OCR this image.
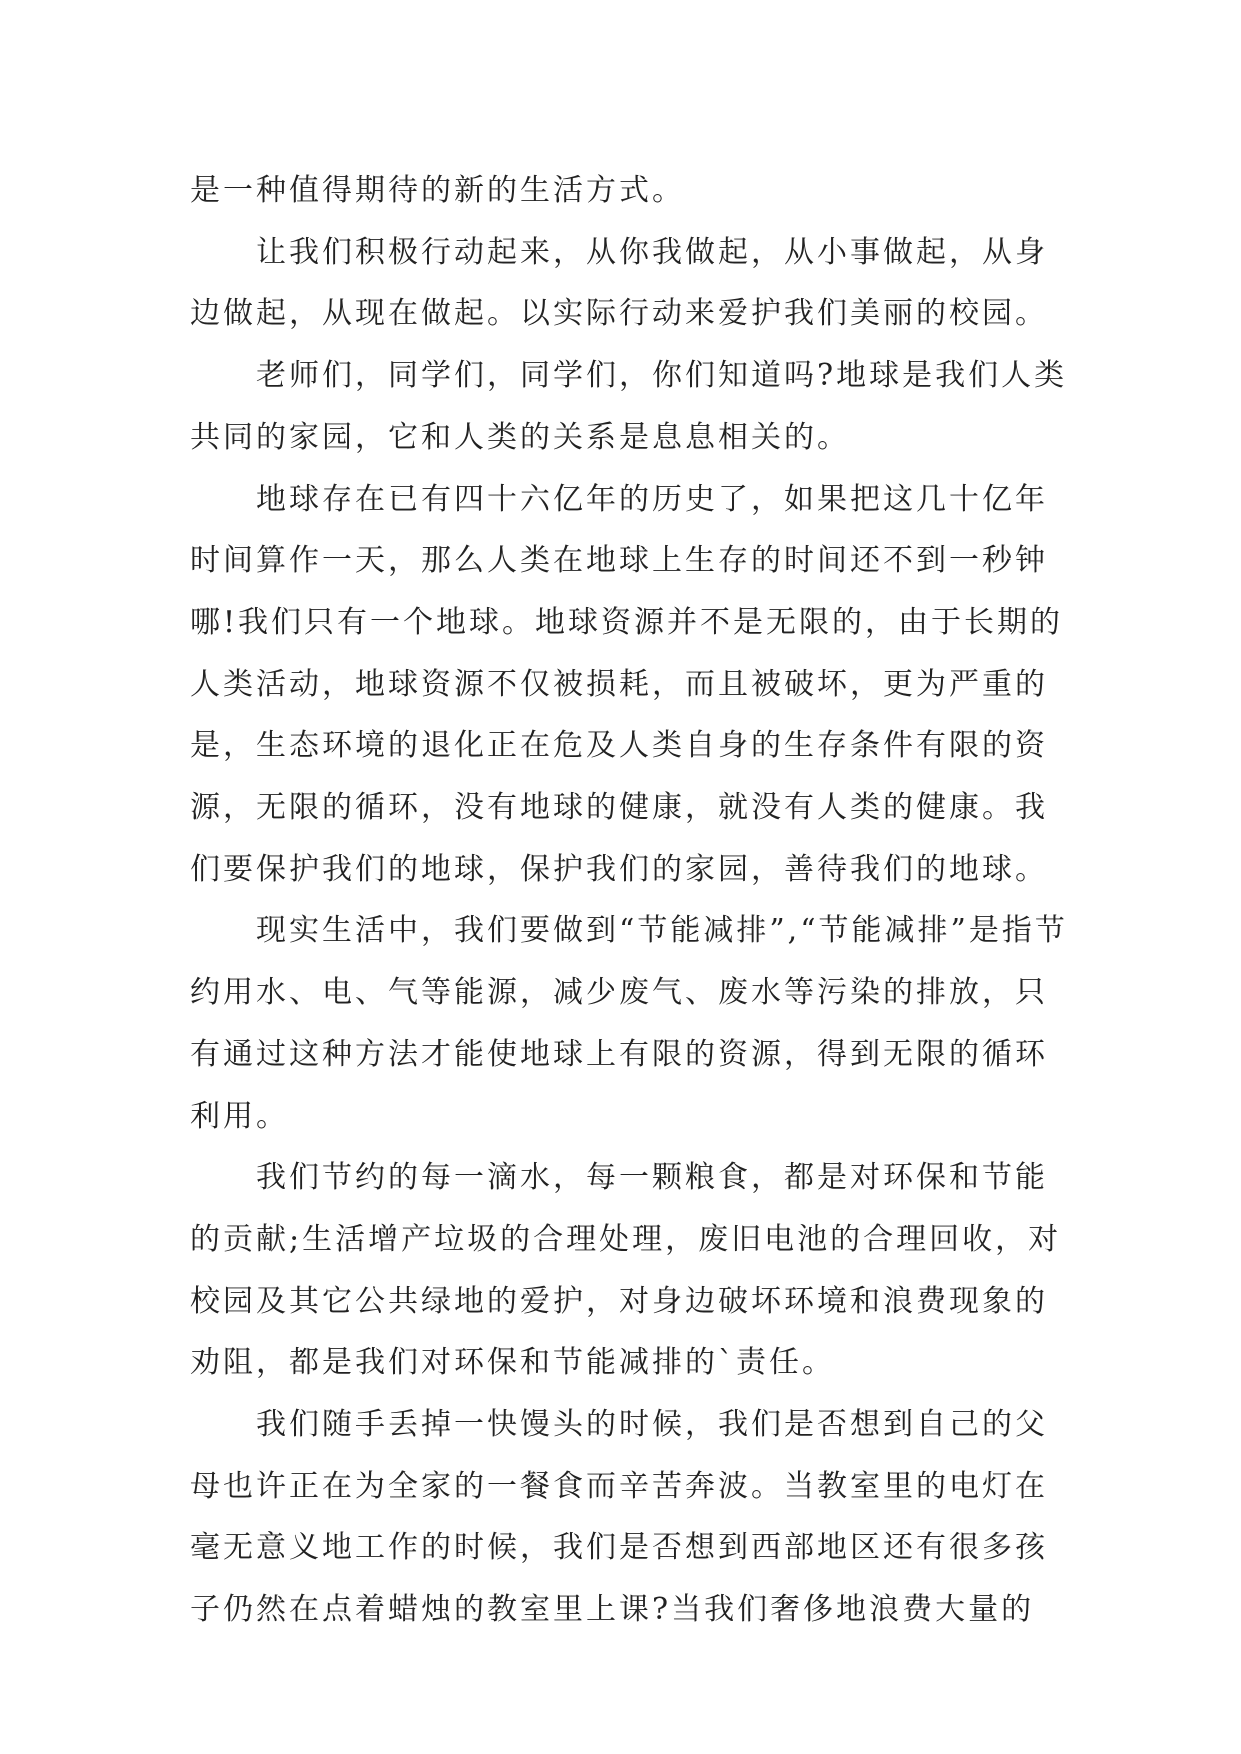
是一种值得期待的新的生活方式。

让我们积极行动起来，从你我做起，从小事做起，从身边做起，从现在做起。以实际行动来爱护我们美丽的校园。

老师们，同学们，同学们，你们知道吗?地球是我们人类共同的家园，它和人类的关系是息息相关的。

地球存在已有四十六亿年的历史了，如果把这几十亿年时间算作一天，那么人类在地球上生存的时间还不到一秒钟哪!我们只有一个地球。地球资源并不是无限的，由于长期的人类活动，地球资源不仅被损耗，而且被破坏，更为严重的是，生态环境的退化正在危及人类自身的生存条件有限的资源，无限的循环，没有地球的健康，就没有人类的健康。我们要保护我们的地球，保护我们的家园，善待我们的地球。

现实生活中，我们要做到“节能减排”,“节能减排”是指节约用水、电、气等能源，减少废气、废水等污染的排放，只有通过这种方法才能使地球上有限的资源，得到无限的循环利用。

我们节约的每一滴水，每一颗粮食，都是对环保和节能的贡献;生活增产垃圾的合理处理，废旧电池的合理回收，对校园及其它公共绿地的爱护，对身边破坏环境和浪费现象的劝阻，都是我们对环保和节能减排的`责任。

我们随手丢掉一快馒头的时候，我们是否想到自己的父母也许正在为全家的一餐食而辛苦奔波。当教室里的电灯在毫无意义地工作的时候，我们是否想到西部地区还有很多孩子仍然在点着蜡烛的教室里上课?当我们奢侈地浪费大量的
